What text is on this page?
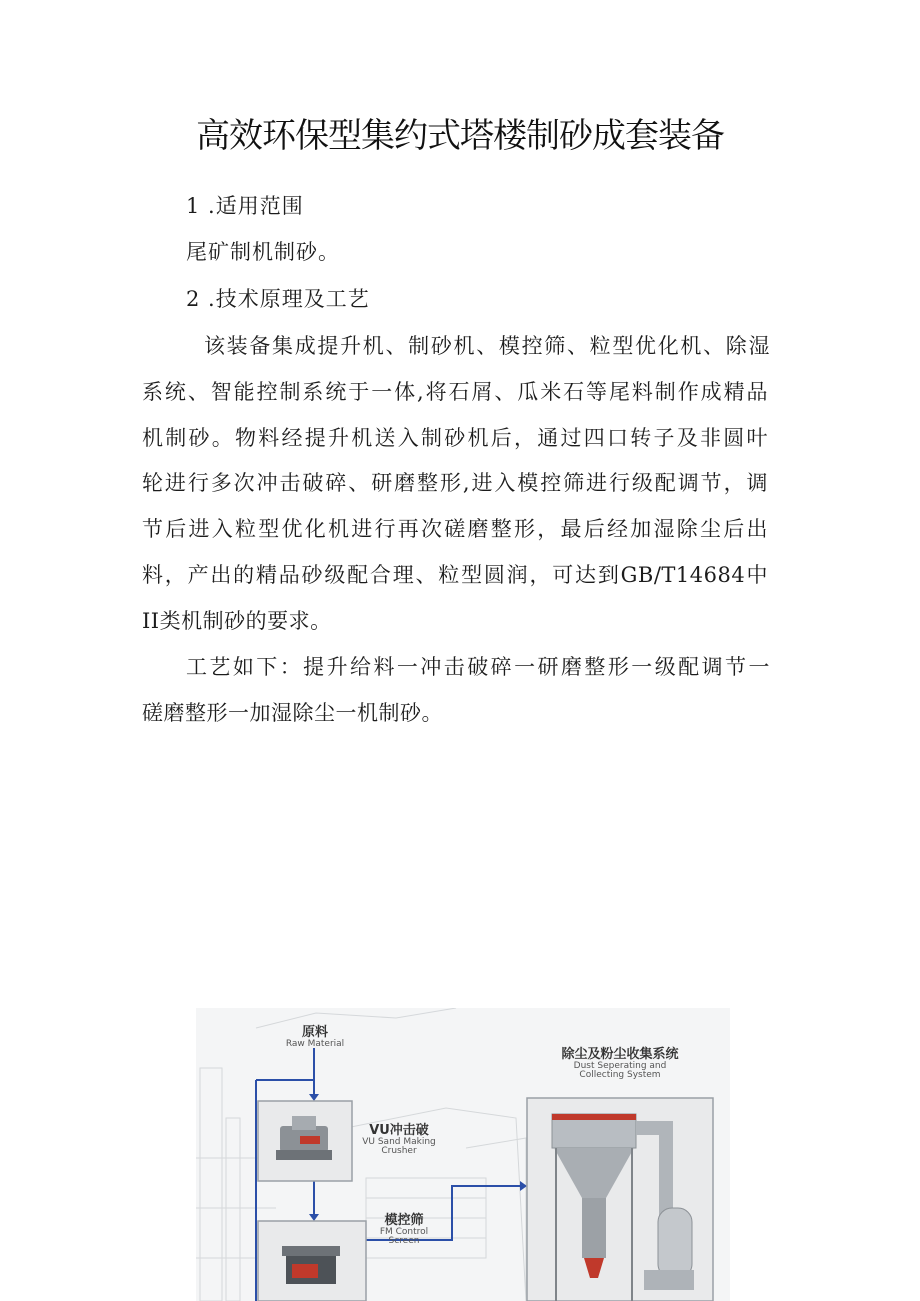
高效环保型集约式塔楼制砂成套装备
1 .适用范围
尾矿制机制砂。
2 .技术原理及工艺
该装备集成提升机、制砂机、模控筛、粒型优化机、除湿
系统、智能控制系统于一体,将石屑、瓜米石等尾料制作成精品
机制砂。物料经提升机送入制砂机后，通过四口转子及非圆叶
轮进行多次冲击破碎、研磨整形,进入模控筛进行级配调节，调
节后进入粒型优化机进行再次磋磨整形，最后经加湿除尘后出
料，产出的精品砂级配合理、粒型圆润，可达到GB/T14684中
II类机制砂的要求。
工艺如下：提升给料一冲击破碎一研磨整形一级配调节一
磋磨整形一加湿除尘一机制砂。
原料
Raw Material
VU冲击破
VU Sand Making
Crusher
模控筛
FM Control
Screen
除尘及粉尘收集系统
Dust Seperating and
Collecting System
